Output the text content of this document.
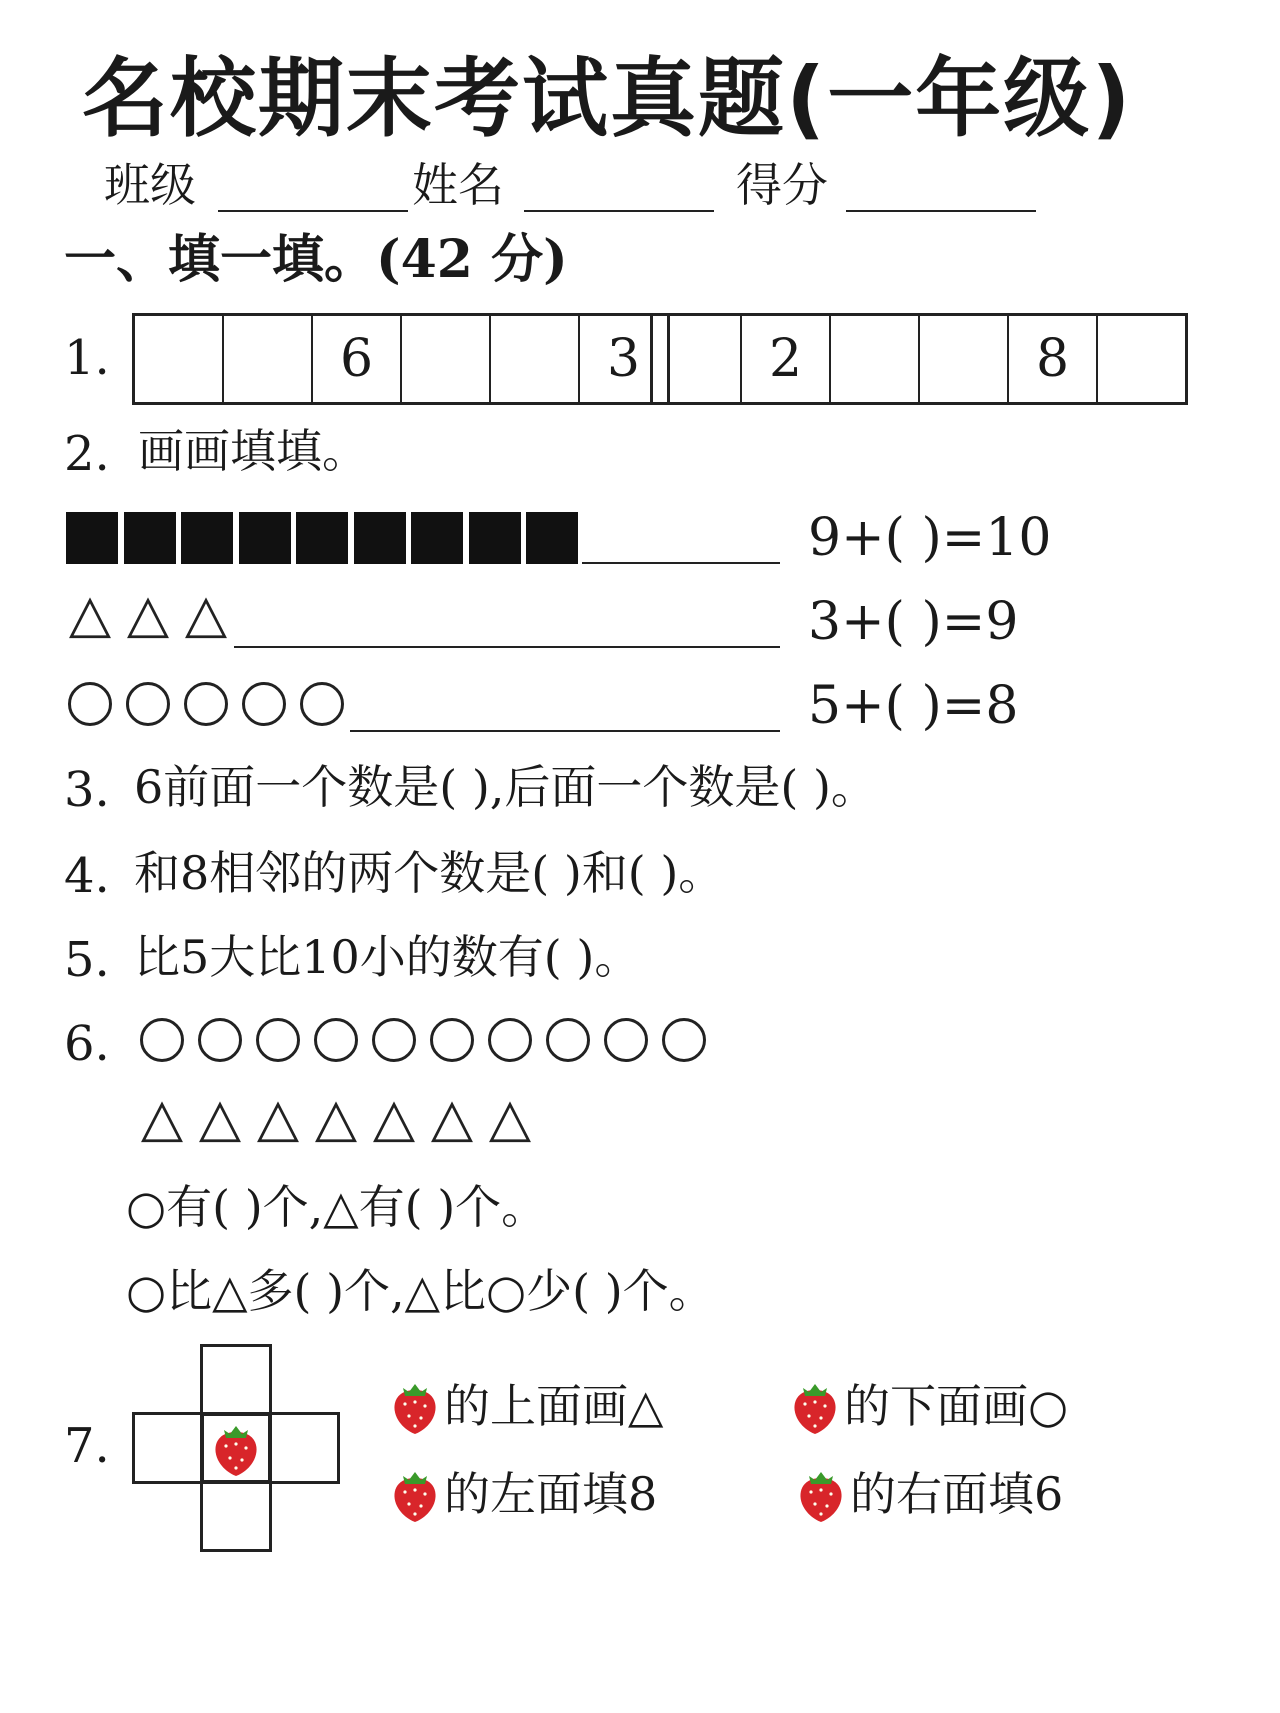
名校期末考试真题(一年级)
班级	姓名	得分
一、填一填。(42 分)
1.	6	3	2	8
2. 画画填填。
9+( )=10
3+( )=9
5+( )=8
3. 6前面一个数是( ),后面一个数是( )。
4. 和8相邻的两个数是( )和( )。
5. 比5大比10小的数有( )。
6.
○有( )个,△有( )个。
○比△多( )个,△比○少( )个。
7.
的上面画△	的下面画○
的左面填8	的右面填6
